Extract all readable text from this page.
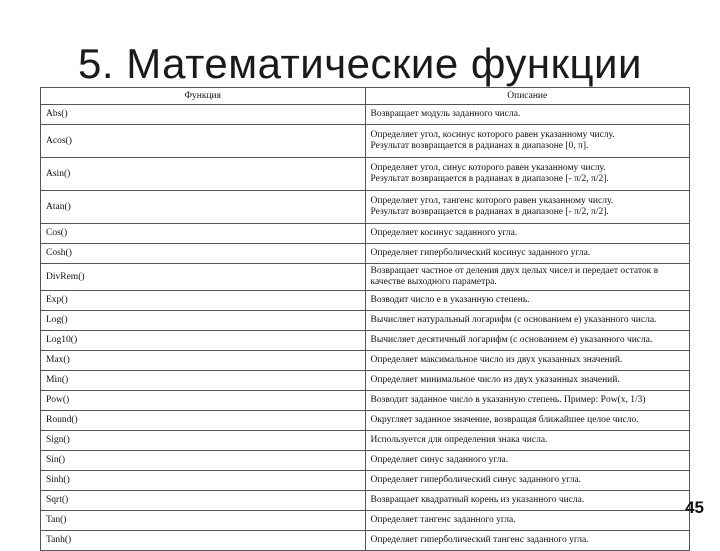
5. Математические функции
Функция	Описание
Abs()	Возвращает модуль заданного числа.

Acos()	Определяет угол, косинус которого равен указанному числу.
Результат возвращается в радианах в диапазоне [0, π].

Asin()	Определяет угол, синус которого равен указанному числу.
Результат возвращается в радианах в диапазоне [- π/2, π/2].

Atan()	Определяет угол, тангенс которого равен указанному числу.
Результат возвращается в радианах в диапазоне [- π/2, π/2].

Cos()	Определяет косинус заданного угла.

Cosh()	Определяет гиперболический косинус заданного угла.

DivRem()	Возвращает частное от деления двух целых чисел и передает остаток в качестве выходного параметра.

Exp()	Возводит число e в указанную степень.

Log()	Вычисляет натуральный логарифм (с основанием e) указанного числа.

Log10()	Вычисляет десятичный логарифм (с основанием e) указанного числа.

Max()	Определяет максимальное число из двух указанных значений.

Min()	Определяет минимальное число из двух указанных значений.

Pow()	Возводит заданное число в указанную степень. Пример: Pow(x, 1/3)

Round()	Округляет заданное значение, возвращая ближайшее целое число.

Sign()	Используется для определения знака числа.

Sin()	Определяет синус заданного угла.

Sinh()	Определяет гиперболический синус заданного угла.

Sqrt()	Возвращает квадратный корень из указанного числа.

Tan()	Определяет тангенс заданного угла.

Tanh()	Определяет гиперболический тангенс заданного угла.
45
